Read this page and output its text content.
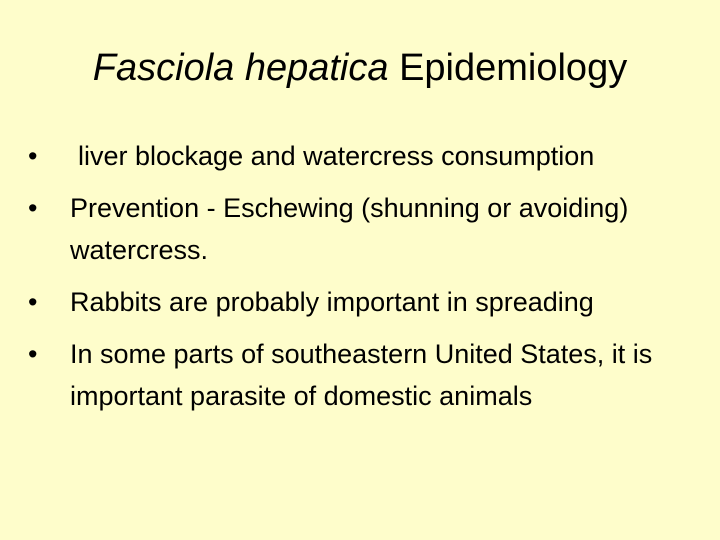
Fasciola hepatica Epidemiology
•	liver blockage and watercress consumption
•	Prevention - Eschewing (shunning or avoiding) watercress.
•	Rabbits are probably important in spreading
•	In some parts of southeastern United States, it is important parasite of domestic animals
